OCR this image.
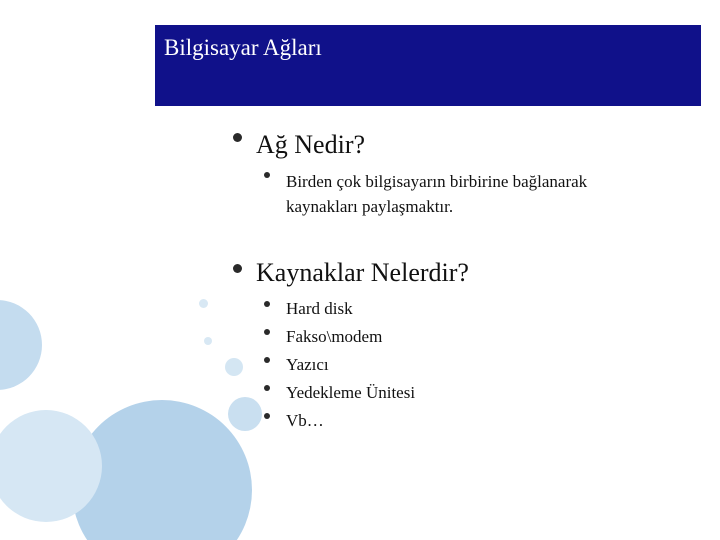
Bilgisayar Ağları
Ağ Nedir?
Birden çok bilgisayarın birbirine bağlanarak
kaynakları paylaşmaktır.
Kaynaklar Nelerdir?
Hard disk
Fakso\modem
Yazıcı
Yedekleme Ünitesi
Vb…
